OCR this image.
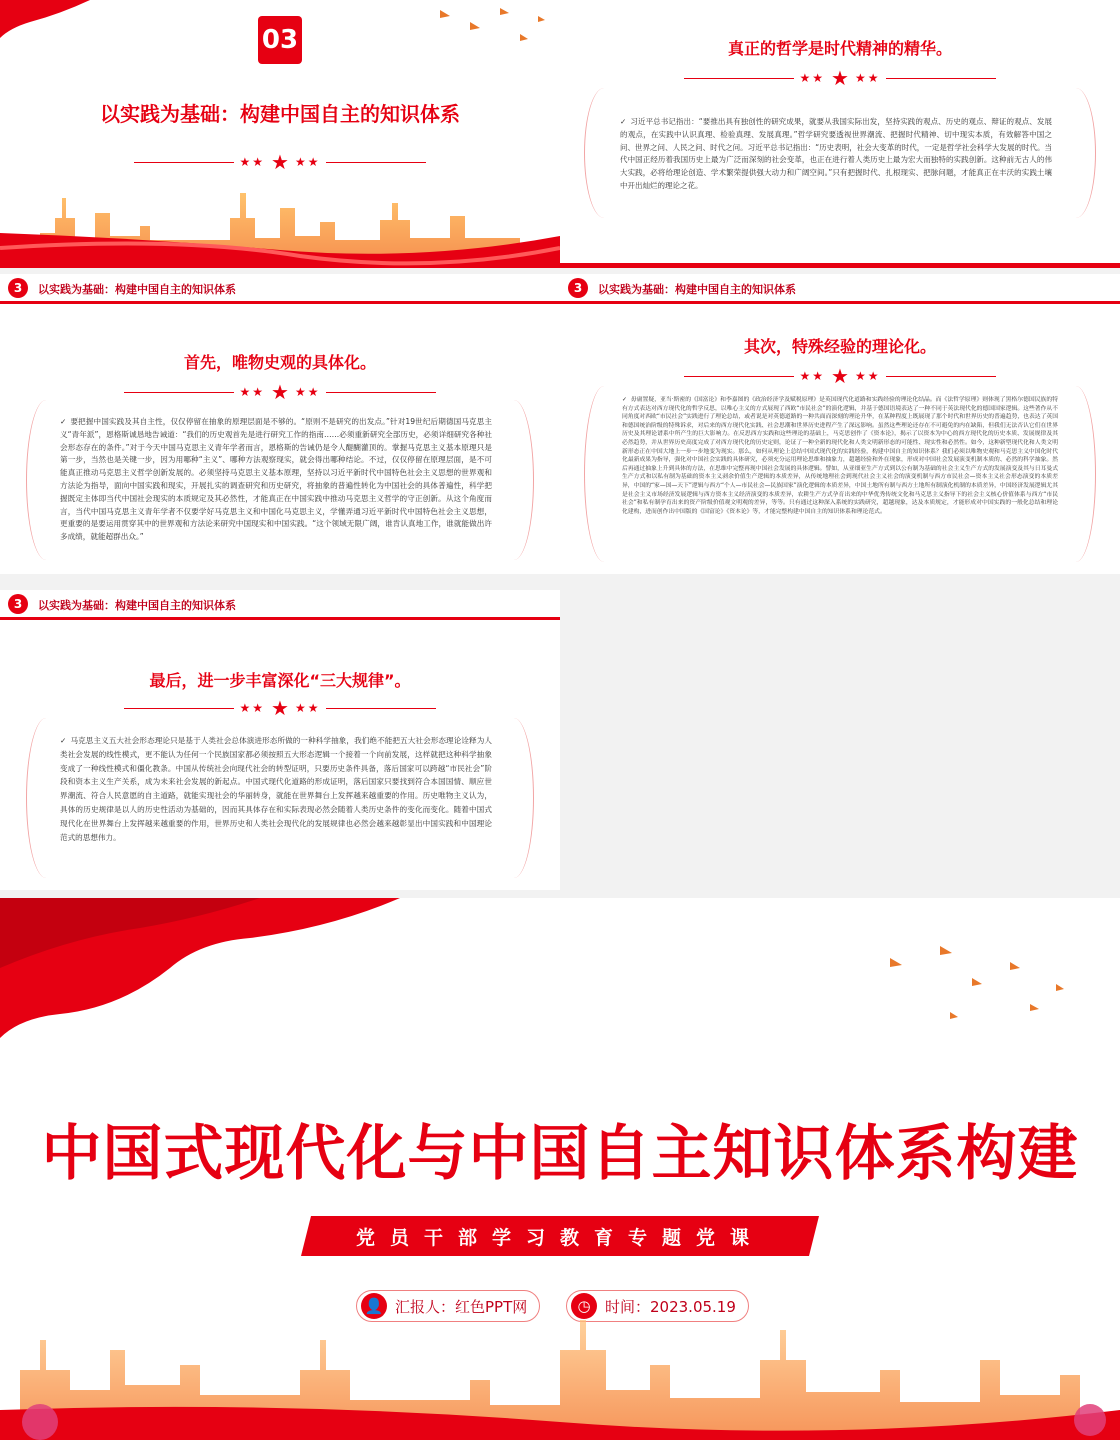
03
以实践为基础：构建中国自主的知识体系
★★ ★ ★★
真正的哲学是时代精神的精华。
★★ ★ ★★
✓ 习近平总书记指出：“要推出具有独创性的研究成果，就要从我国实际出发，坚持实践的观点、历史的观点、辩证的观点、发展的观点，在实践中认识真理、检验真理、发展真理。”哲学研究要透视世界潮流、把握时代精神、切中现实本质，有效解答中国之问、世界之问、人民之问、时代之问。习近平总书记指出：“历史表明，社会大变革的时代，一定是哲学社会科学大发展的时代。当代中国正经历着我国历史上最为广泛而深刻的社会变革，也正在进行着人类历史上最为宏大而独特的实践创新。这种前无古人的伟大实践，必将给理论创造、学术繁荣提供强大动力和广阔空间。”只有把握时代、扎根现实、把脉问题，才能真正在丰沃的实践土壤中开出灿烂的理论之花。
3	以实践为基础：构建中国自主的知识体系
首先，唯物史观的具体化。
★★ ★ ★★
✓ 要把握中国实践及其自主性，仅仅停留在抽象的原理层面是不够的。“原则不是研究的出发点。”针对19世纪后期德国马克思主义“青年派”，恩格斯诚恳地告诫道：“我们的历史观首先是进行研究工作的指南……必须重新研究全部历史，必须详细研究各种社会形态存在的条件。”对于今天中国马克思主义青年学者而言，恩格斯的告诫仍是令人醍醐灌顶的。掌握马克思主义基本原理只是第一步，当然也是关键一步，因为用哪种“主义”、哪种方法观察现实，就会得出哪种结论。不过，仅仅停留在原理层面，是不可能真正推动马克思主义哲学创新发展的。必须坚持马克思主义基本原理，坚持以习近平新时代中国特色社会主义思想的世界观和方法论为指导，面向中国实践和现实，开展扎实的调查研究和历史研究，将抽象的普遍性转化为中国社会的具体普遍性，科学把握既定主体即当代中国社会现实的本质规定及其必然性，才能真正在中国实践中推动马克思主义哲学的守正创新。从这个角度而言，当代中国马克思主义青年学者不仅要学好马克思主义和中国化马克思主义，学懂弄通习近平新时代中国特色社会主义思想，更重要的是要运用贯穿其中的世界观和方法论来研究中国现实和中国实践。“这个领域无限广阔，谁肯认真地工作，谁就能做出许多成绩，就能超群出众。”
3	以实践为基础：构建中国自主的知识体系
其次，特殊经验的理论化。
★★ ★ ★★
✓ 毋庸置疑，亚当·斯密的《国富论》和李嘉图的《政治经济学及赋税原理》是英国现代化道路和实践经验的理论化结晶。而《法哲学原理》则体现了黑格尔德国民族的特有方式表达对西方现代化的哲学反思，以唯心主义的方式展现了西欧“市民社会”的演化逻辑，并基于德国语境表达了一种不同于英法现代化的德国国家逻辑。这些著作从不同角度对西欧“市民社会”实践进行了理论总结，或者说是对英德道路的一种共面而深刻的理论升华，在某种程度上既展现了那个时代和世界历史的普遍趋势，也表达了英国和德国统治阶级的特殊诉求，对后来的西方现代化实践、社会思潮和世界历史进程产生了深远影响。虽然这些理论还存在不可避免的内在缺陷，但我们无法否认它们在世界历史及其理论谱系中所产生的巨大影响力。在反思西方实践和这些理论的基础上，马克思创作了《资本论》，揭示了以资本为中心的西方现代化的历史本质、发展规律及其必然趋势，并从世界历史高度完成了对西方现代化的历史定则，论证了一种全新的现代化和人类文明新形态的可能性、现实性和必然性。如今，这种新型现代化和人类文明新形态正在中国大地上一步一步地变为现实。那么，如何从理论上总结中国式现代化的实践经验，构建中国自主的知识体系？我们必须以唯物史观和马克思主义中国化时代化最新成果为指导，强化对中国社会实践的具体研究，必须充分运用理论思维和抽象力，超越经验和外在现象，形成对中国社会发展演变机制本质的、必然的科学抽象。然后再通过抽象上升到具体的方法，在思维中完整再现中国社会发展的具体逻辑。譬如，从亚细亚生产方式到以公有制为基础的社会主义生产方式的发展演变及其与日耳曼式生产方式和以私有制为基础的资本主义剥余价值生产逻辑的本质差异，从传统地理社会到现代社会主义社会的演变机制与西方市民社会—资本主义社会形态演变的本质差异，中国的“家—国—天下”逻辑与西方“个人—市民社会—民族国家”演化逻辑的本质差异，中国土地所有制与西方土地所有制演化机制的本质差异，中国经济发展逻辑尤其是社会主义市场经济发展逻辑与西方资本主义经济演变的本质差异，农耕生产方式孕育出来的中华优秀传统文化和马克思主义指导下的社会主义核心价值体系与西方“市民社会”和私有制孕育出来的资产阶级价值观文明观的差异，等等。只有通过这种深入系统的实践研究，超越现象，达及本质规定，才能形成对中国实践的一般化总结和理论化建构，进而创作出中国版的《国富论》《资本论》等，才能完整构建中国自主的知识体系和理论范式。
3	以实践为基础：构建中国自主的知识体系
最后，进一步丰富深化“三大规律”。
★★ ★ ★★
✓ 马克思主义五大社会形态理论只是基于人类社会总体演进形态所做的一种科学抽象，我们绝不能把五大社会形态理论诠释为人类社会发展的线性模式，更不能认为任何一个民族国家都必须按照五大形态逻辑一个接着一个向前发展，这样就把这种科学抽象变成了一种线性模式和僵化教条。中国从传统社会向现代社会的转型证明，只要历史条件具备，落后国家可以跨越“市民社会”阶段和资本主义生产关系，成为未来社会发展的新起点。中国式现代化道路的形成证明，落后国家只要找到符合本国国情、顺应世界潮流、符合人民意愿的自主道路，就能实现社会的华丽转身，就能在世界舞台上发挥越来越重要的作用。历史唯物主义认为，具体的历史规律是以人的历史性活动为基础的，因而其具体存在和实际表现必然会随着人类历史条件的变化而变化。随着中国式现代化在世界舞台上发挥越来越重要的作用，世界历史和人类社会现代化的发展规律也必然会越来越彰显出中国实践和中国理论范式的思想伟力。
中国式现代化与中国自主知识体系构建
党员干部学习教育专题党课
👤 汇报人：红色PPT网	◷ 时间：2023.05.19
